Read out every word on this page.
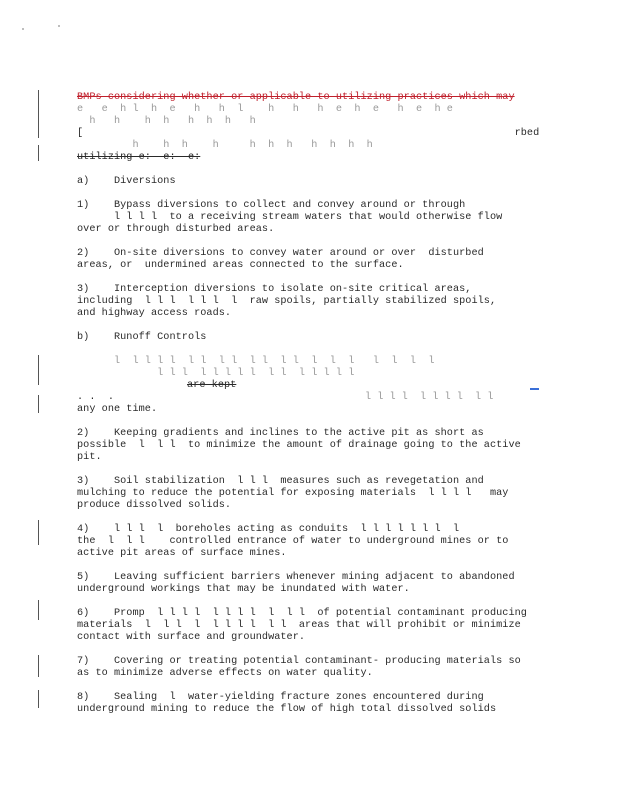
BMPs considering whether or applicable to utilizing practices which may
e   e  h l  h  e   h   h  l    h   h   h  e  h  e   h  e  h e
h   h    h  h   h  h  h   h
[                                                                      rbed
h    h  h    h     h  h  h   h  h  h  h
utilizing e:  e:  e:
a)    Diversions
1)    Bypass diversions to collect and convey around or through
l l l l  to a receiving stream waters that would otherwise flow
over or through disturbed areas.
2)    On-site diversions to convey water around or over  disturbed
areas, or  undermined areas connected to the surface.
3)    Interception diversions to isolate on-site critical areas,
including  l l l  l l l  l  raw spoils, partially stabilized spoils,
and highway access roads.
b)    Runoff Controls
l  l l l l  l l  l l  l l  l l  l  l  l   l  l  l  l
l l l  l l l l l  l l  l l l l l
are kept
. .  .	l l l l  l l l l  l l
any one time.
2)    Keeping gradients and inclines to the active pit as short as
possible  l  l l  to minimize the amount of drainage going to the active
pit.
3)    Soil stabilization  l l l  measures such as revegetation and
mulching to reduce the potential for exposing materials  l l l l   may
produce dissolved solids.
4)    l l l  l  boreholes acting as conduits  l l l l l l l  l
the  l  l l    controlled entrance of water to underground mines or to
active pit areas of surface mines.
5)    Leaving sufficient barriers whenever mining adjacent to abandoned
underground workings that may be inundated with water.
6)    Promp  l l l l  l l l l  l  l l  of potential contaminant producing
materials  l  l l  l  l l l l  l l  areas that will prohibit or minimize
contact with surface and groundwater.
7)    Covering or treating potential contaminant- producing materials so
as to minimize adverse effects on water quality.
8)    Sealing  l  water-yielding fracture zones encountered during
underground mining to reduce the flow of high total dissolved solids
